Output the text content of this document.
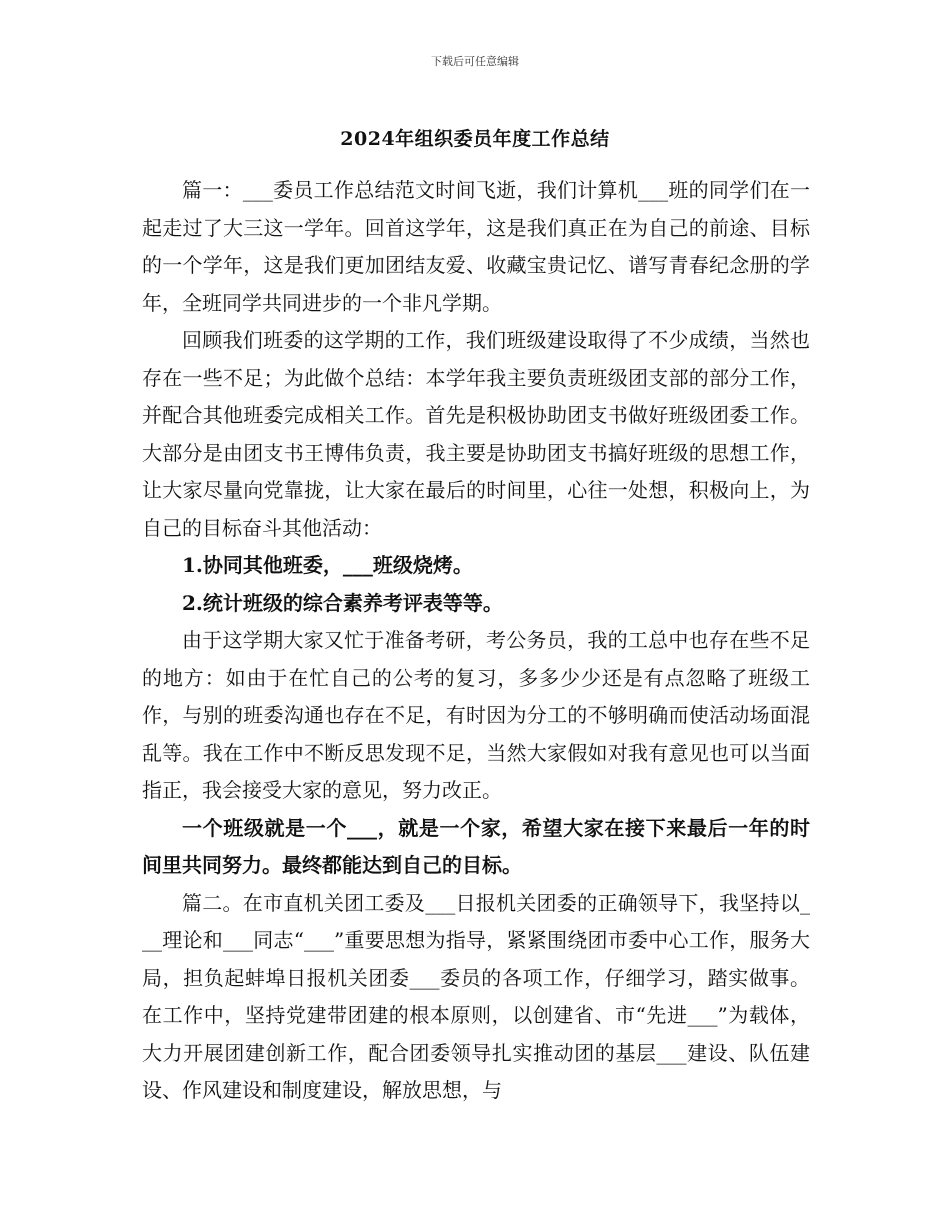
下载后可任意编辑
2024年组织委员年度工作总结

篇一：___委员工作总结范文时间飞逝，我们计算机___班的同学们在一起走过了大三这一学年。回首这学年，这是我们真正在为自己的前途、目标的一个学年，这是我们更加团结友爱、收藏宝贵记忆、谱写青春纪念册的学年，全班同学共同进步的一个非凡学期。

回顾我们班委的这学期的工作，我们班级建设取得了不少成绩，当然也存在一些不足；为此做个总结：本学年我主要负责班级团支部的部分工作，并配合其他班委完成相关工作。首先是积极协助团支书做好班级团委工作。大部分是由团支书王博伟负责，我主要是协助团支书搞好班级的思想工作，让大家尽量向党靠拢，让大家在最后的时间里，心往一处想，积极向上，为自己的目标奋斗其他活动：

1.协同其他班委，___班级烧烤。

2.统计班级的综合素养考评表等等。

由于这学期大家又忙于准备考研，考公务员，我的工总中也存在些不足的地方：如由于在忙自己的公考的复习，多多少少还是有点忽略了班级工作，与别的班委沟通也存在不足，有时因为分工的不够明确而使活动场面混乱等。我在工作中不断反思发现不足，当然大家假如对我有意见也可以当面指正，我会接受大家的意见，努力改正。

一个班级就是一个___，就是一个家，希望大家在接下来最后一年的时间里共同努力。最终都能达到自己的目标。

篇二。在市直机关团工委及___日报机关团委的正确领导下，我坚持以___理论和___同志“___”重要思想为指导，紧紧围绕团市委中心工作，服务大局，担负起蚌埠日报机关团委___委员的各项工作，仔细学习，踏实做事。在工作中，坚持党建带团建的根本原则，以创建省、市“先进___”为载体，大力开展团建创新工作，配合团委领导扎实推动团的基层___建设、队伍建设、作风建设和制度建设，解放思想，与
